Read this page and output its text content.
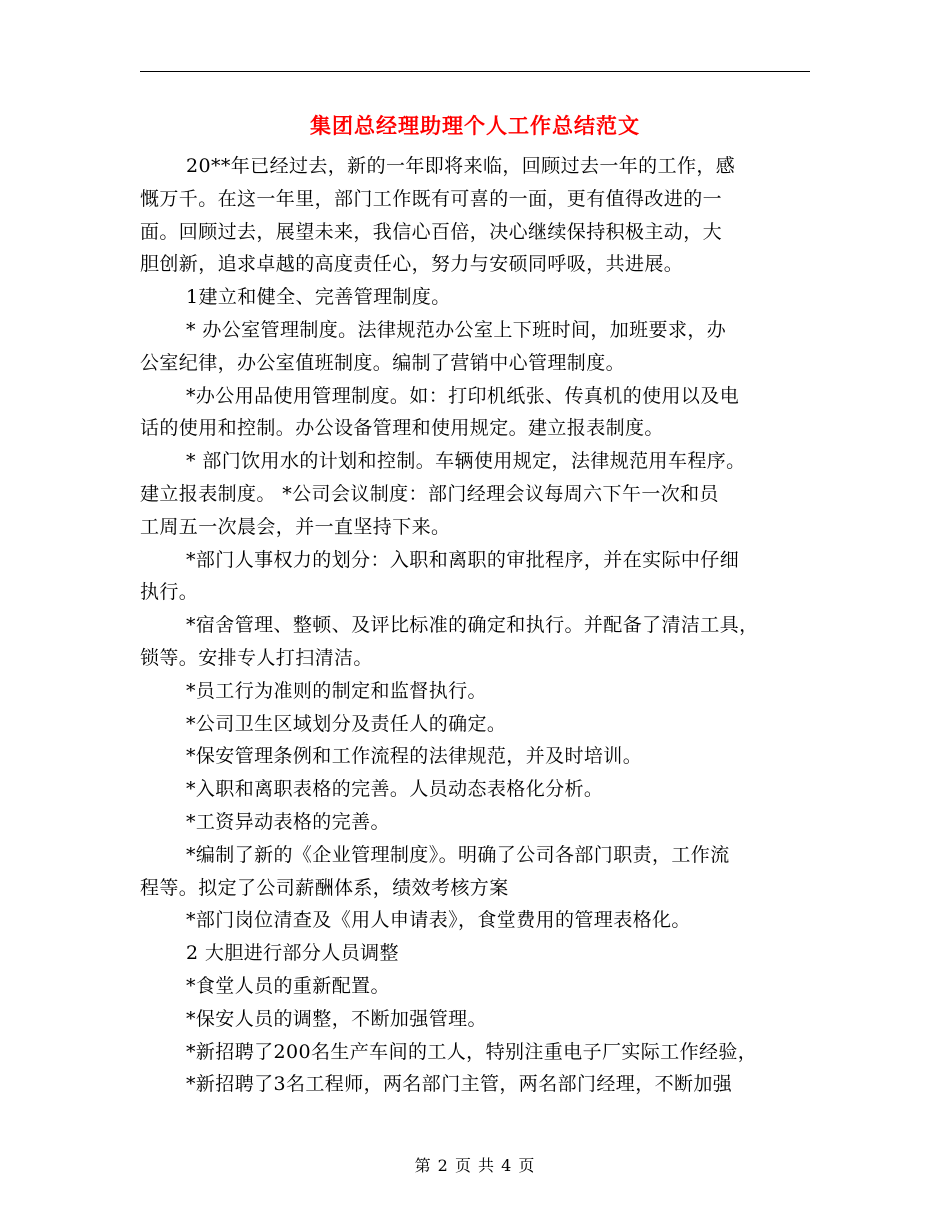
集团总经理助理个人工作总结范文

20**年已经过去，新的一年即将来临，回顾过去一年的工作，感
慨万千。在这一年里，部门工作既有可喜的一面，更有值得改进的一
面。回顾过去，展望未来，我信心百倍，决心继续保持积极主动，大
胆创新，追求卓越的高度责任心，努力与安硕同呼吸，共进展。

1建立和健全、完善管理制度。

* 办公室管理制度。法律规范办公室上下班时间，加班要求，办
公室纪律，办公室值班制度。编制了营销中心管理制度。

*办公用品使用管理制度。如：打印机纸张、传真机的使用以及电
话的使用和控制。办公设备管理和使用规定。建立报表制度。

* 部门饮用水的计划和控制。车辆使用规定，法律规范用车程序。
建立报表制度。 *公司会议制度：部门经理会议每周六下午一次和员
工周五一次晨会，并一直坚持下来。

*部门人事权力的划分：入职和离职的审批程序，并在实际中仔细
执行。

*宿舍管理、整顿、及评比标准的确定和执行。并配备了清洁工具，
锁等。安排专人打扫清洁。

*员工行为准则的制定和监督执行。

*公司卫生区域划分及责任人的确定。

*保安管理条例和工作流程的法律规范，并及时培训。

*入职和离职表格的完善。人员动态表格化分析。

*工资异动表格的完善。

*编制了新的《企业管理制度》。明确了公司各部门职责，工作流
程等。拟定了公司薪酬体系，绩效考核方案

*部门岗位清查及《用人申请表》，食堂费用的管理表格化。

2 大胆进行部分人员调整

*食堂人员的重新配置。

*保安人员的调整，不断加强管理。

*新招聘了200名生产车间的工人，特别注重电子厂实际工作经验，

*新招聘了3名工程师，两名部门主管，两名部门经理，不断加强

第 2 页 共 4 页
